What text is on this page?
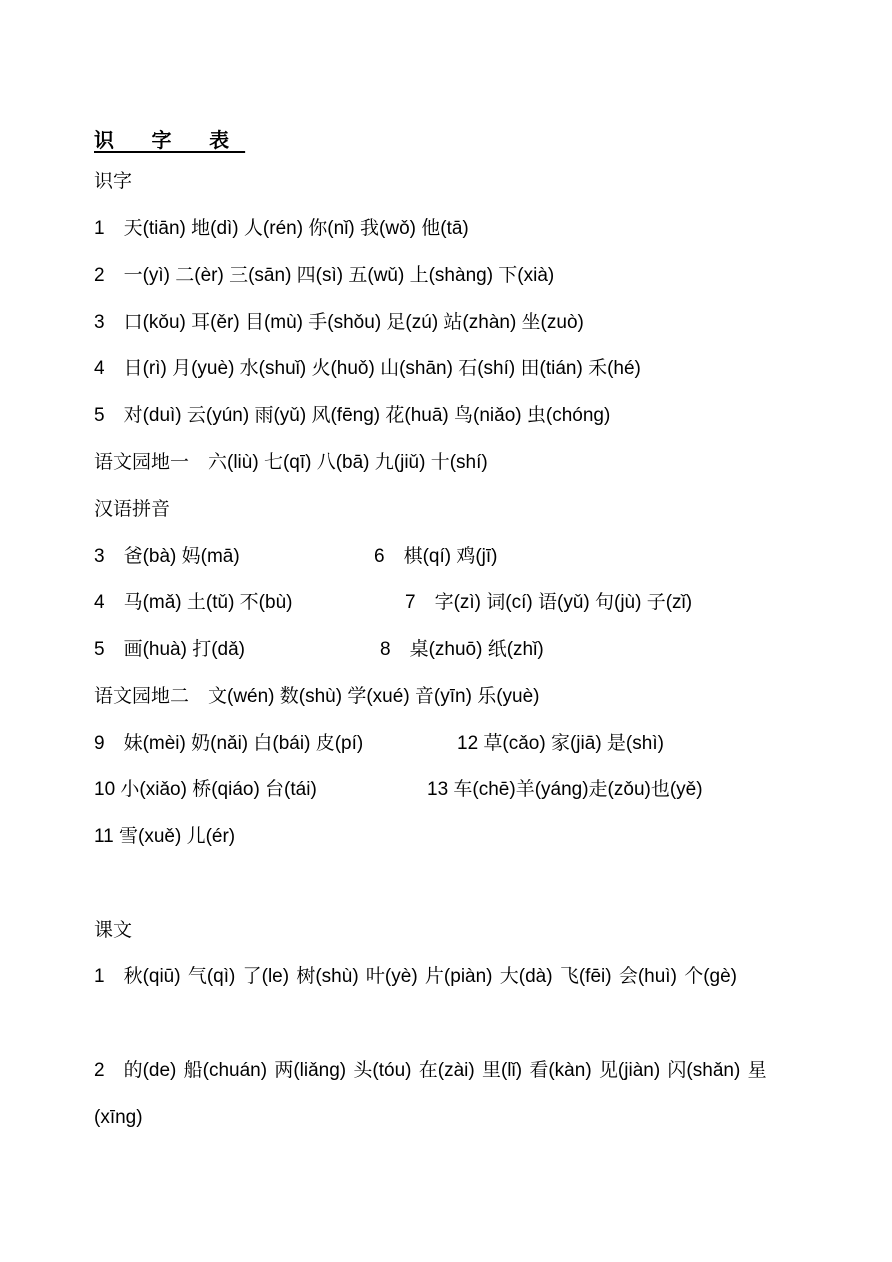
识 字 表
识字
1　天(tiān) 地(dì) 人(rén) 你(nǐ) 我(wǒ) 他(tā)
2　一(yì) 二(èr) 三(sān) 四(sì) 五(wǔ) 上(shàng) 下(xià)
3　口(kǒu) 耳(ěr) 目(mù) 手(shǒu) 足(zú) 站(zhàn) 坐(zuò)
4　日(rì) 月(yuè) 水(shuǐ) 火(huǒ) 山(shān) 石(shí) 田(tián) 禾(hé)
5　对(duì) 云(yún) 雨(yǔ) 风(fēng) 花(huā) 鸟(niǎo) 虫(chóng)
语文园地一　六(liù) 七(qī) 八(bā) 九(jiǔ) 十(shí)
汉语拼音
3　爸(bà) 妈(mā)	6　棋(qí) 鸡(jī)
4　马(mǎ) 土(tǔ) 不(bù)	7　字(zì) 词(cí) 语(yǔ) 句(jù) 子(zǐ)
5　画(huà) 打(dǎ)	8　桌(zhuō) 纸(zhǐ)
语文园地二　文(wén) 数(shù) 学(xué) 音(yīn) 乐(yuè)
9　妹(mèi) 奶(nǎi) 白(bái) 皮(pí)	12 草(cǎo) 家(jiā) 是(shì)
10 小(xiǎo) 桥(qiáo) 台(tái)	13 车(chē)羊(yáng)走(zǒu)也(yě)
11 雪(xuě) 儿(ér)
课文
1　秋(qiū) 气(qì) 了(le) 树(shù) 叶(yè) 片(piàn) 大(dà) 飞(fēi) 会(huì) 个(gè)
2　的(de) 船(chuán) 两(liǎng) 头(tóu) 在(zài) 里(lǐ) 看(kàn) 见(jiàn) 闪(shǎn) 星(xīng)
